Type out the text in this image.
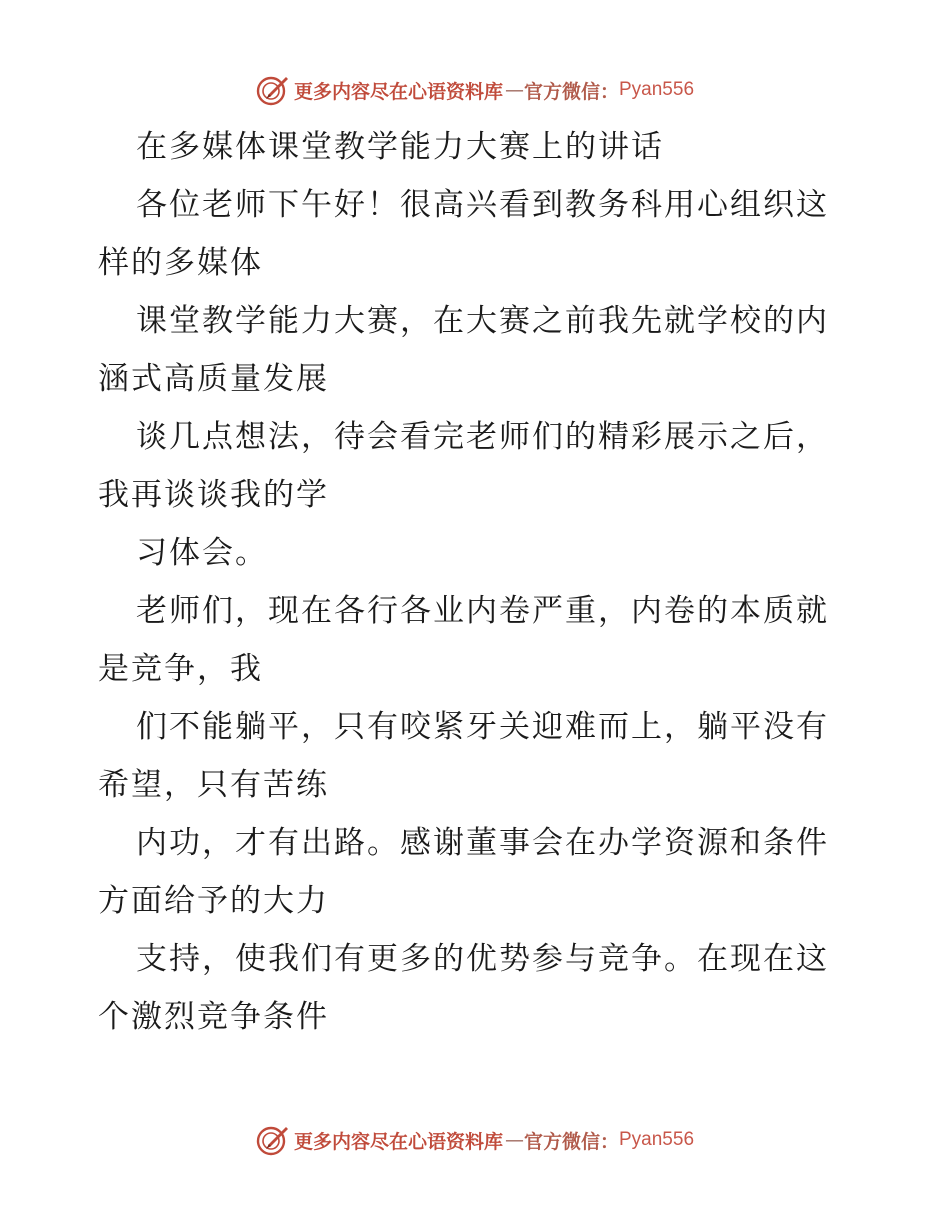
更多内容尽在心语资料库 — 官方微信： Pyan556

在多媒体课堂教学能力大赛上的讲话

各位老师下午好！很高兴看到教务科用心组织这样的多媒体

课堂教学能力大赛，在大赛之前我先就学校的内涵式高质量发展

谈几点想法，待会看完老师们的精彩展示之后，我再谈谈我的学

习体会。

老师们，现在各行各业内卷严重，内卷的本质就是竞争，我

们不能躺平，只有咬紧牙关迎难而上，躺平没有希望，只有苦练

内功，才有出路。感谢董事会在办学资源和条件方面给予的大力

支持，使我们有更多的优势参与竞争。在现在这个激烈竞争条件

更多内容尽在心语资料库 — 官方微信： Pyan556
